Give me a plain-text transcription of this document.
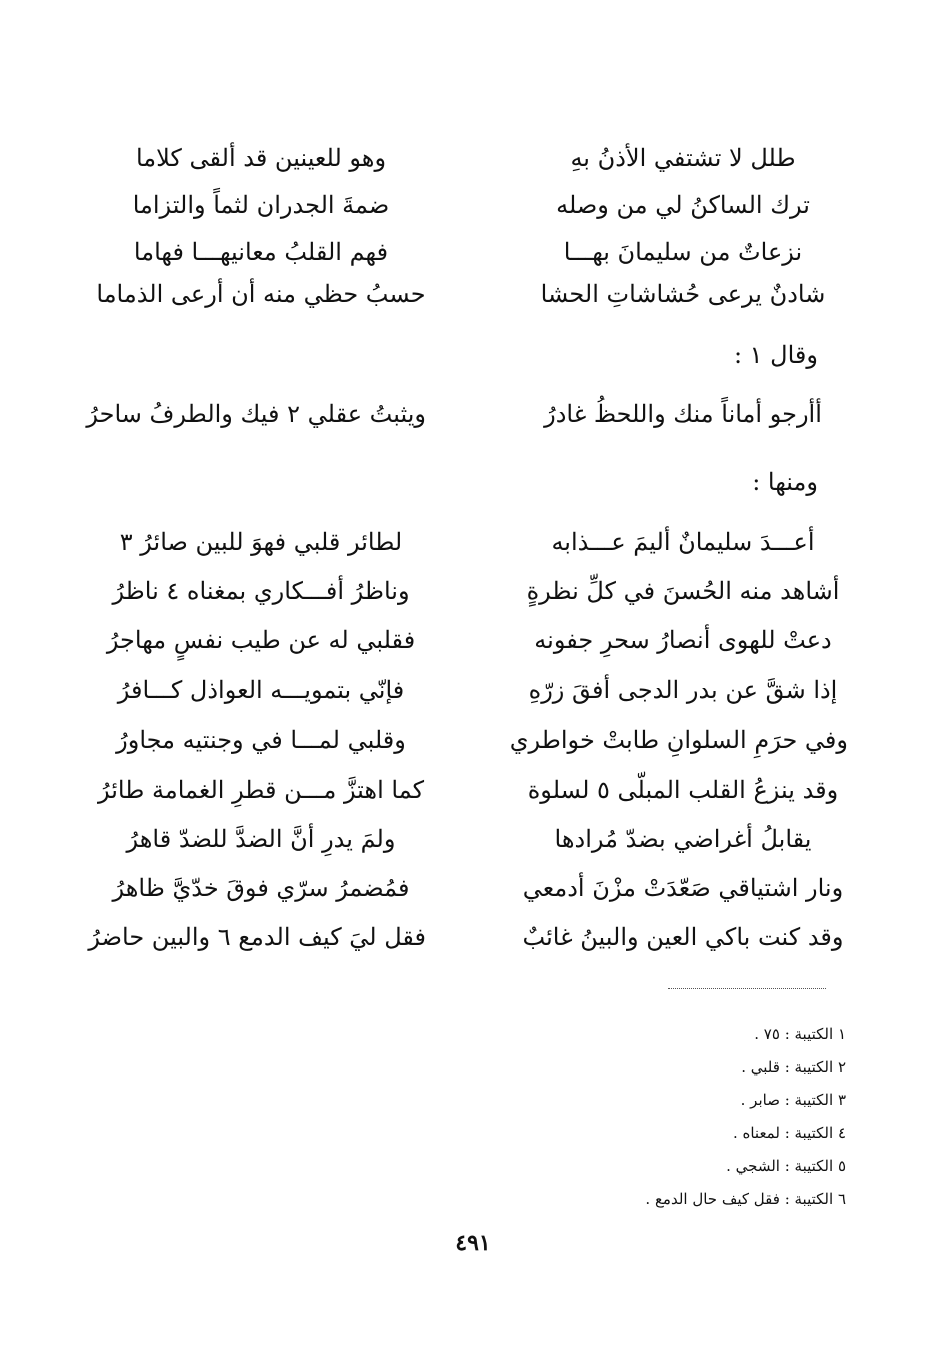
طلل لا تشتفي الأذنُ بهِ
وهو للعينين قد ألقى كلاما
ترك الساكنُ لي من وصله
ضمةَ الجدران لثماً والتزاما
نزعاتٌ من سليمانَ بهـــا
فهم القلبُ معانيهـــا فهاما
شادنٌ يرعى حُشاشاتِ الحشا
حسبُ حظي منه أن أرعى الذماما
وقال ١ :
أأرجو أماناً منك واللحظُ غادرُ
ويثبتُ عقلي ٢ فيك والطرفُ ساحرُ
ومنها :
أعـــدَ سليمانٌ أليمَ عـــذابه
لطائر قلبي فهوَ للبين صائرُ ٣
أشاهد منه الحُسنَ في كلِّ نظرةٍ
وناظرُ أفـــكاري بمغناه ٤ ناظرُ
دعتْ للهوى أنصارُ سحرِ جفونه
فقلبي له عن طيب نفسٍ مهاجرُ
إذا شقَّ عن بدر الدجى أفقَ زرّهِ
فإنّي بتمويـــه العواذل كـــافرُ
وفي حرَمِ السلوانِ طابتْ خواطري
وقلبي لمـــا في وجنتيه مجاورُ
وقد ينزعُ القلب المبلّى ٥ لسلوة
كما اهتزَّ مـــن قطرِ الغمامة طائرُ
يقابلُ أغراضي بضدّ مُرادها
ولمَ يدرِ أنَّ الضدَّ للضدّ قاهرُ
ونار اشتياقي صَعّدَتْ مزْنَ أدمعي
فمُضمرُ سرّي فوقَ خدّيَّ ظاهرُ
وقد كنت باكي العين والبينُ غائبٌ
فقل ليَ كيف الدمع ٦ والبين حاضرُ
١ الكتيبة : ٧٥ .
٢ الكتيبة : قلبي .
٣ الكتيبة : صابر .
٤ الكتيبة : لمعناه .
٥ الكتيبة : الشجي .
٦ الكتيبة : فقل كيف حال الدمع .
٤٩١
